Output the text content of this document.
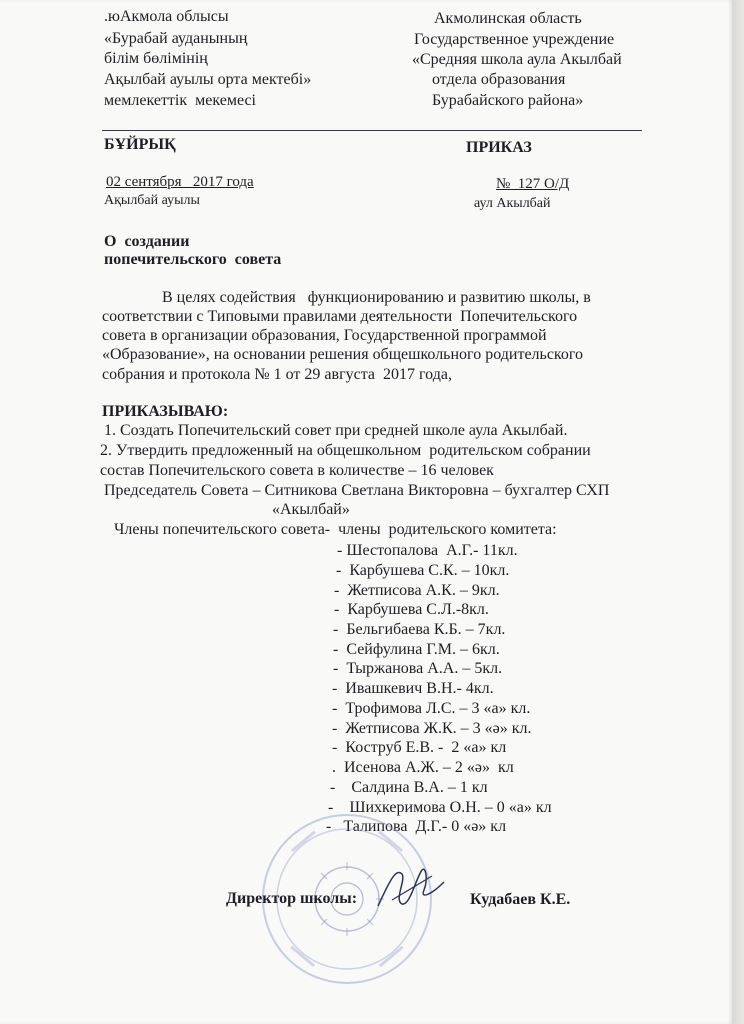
.юАкмола облысы
«Бурабай ауданының
білім бөлімінің
Ақылбай ауылы орта мектебі»
мемлекеттік  мекемесі
Акмолинская область
Государственное учреждение
«Средняя школа аула Акылбай
отдела образования
Бурабайского района»
БҰЙРЫҚ	ПРИКАЗ
02 сентября   2017 года	№  127 О/Д
Ақылбай ауылы	аул Акылбай
О  создании
попечительского  совета
В целях содействия   функционированию и развитию школы, в
соответствии с Типовыми правилами деятельности  Попечительского
совета в организации образования, Государственной программой
«Образование», на основании решения общешкольного родительского
собрания и протокола № 1 от 29 августа  2017 года,
ПРИКАЗЫВАЮ:
1. Создать Попечительский совет при средней школе аула Акылбай.
2. Утвердить предложенный на общешкольном  родительском собрании
состав Попечительского совета в количестве – 16 человек
Председатель Совета – Ситникова Светлана Викторовна – бухгалтер СХП
«Акылбай»
Члены попечительского совета-  члены  родительского комитета:
- Шестопалова  А.Г.- 11кл.
-  Карбушева С.К. – 10кл.
-  Жетписова А.К. – 9кл.
-  Карбушева С.Л.-8кл.
-  Бельгибаева К.Б. – 7кл.
-  Сейфулина Г.М. – 6кл.
-  Тыржанова А.А. – 5кл.
-  Ивашкевич В.Н.- 4кл.
-  Трофимова Л.С. – 3 «а» кл.
-  Жетписова Ж.К. – 3 «ә» кл.
-  Коструб Е.В. -  2 «а» кл
.  Исенова А.Ж. – 2 «ә»  кл
-    Салдина В.А. – 1 кл
-    Шихкеримова О.Н. – 0 «а» кл
-   Талипова  Д.Г.- 0 «ә» кл
Директор школы:	Кудабаев К.Е.
